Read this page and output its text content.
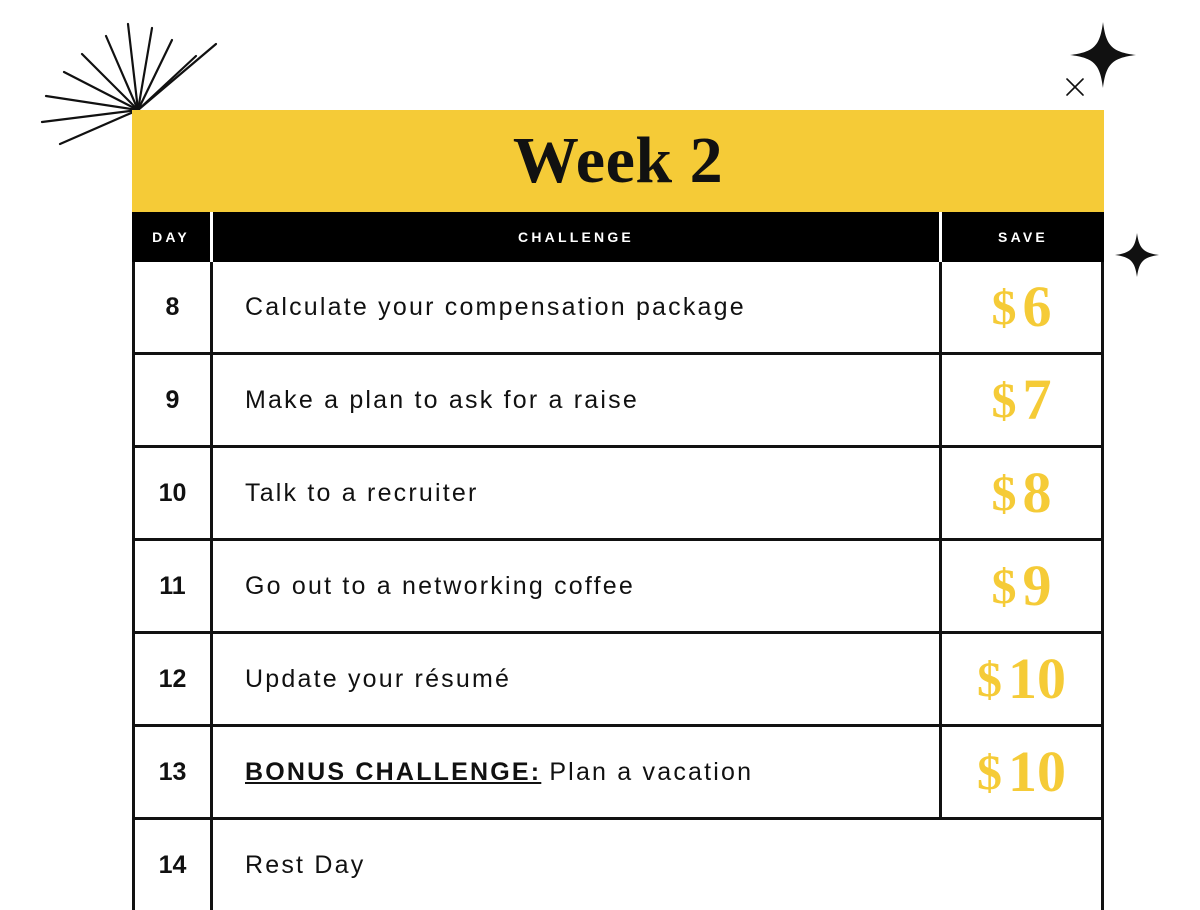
Week 2
DAY	CHALLENGE	SAVE
8	Calculate your compensation package	$ 6
9	Make a plan to ask for a raise	$ 7
10	Talk to a recruiter	$ 8
11	Go out to a networking coffee	$ 9
12	Update your résumé	$ 10
13	BONUS CHALLENGE: Plan a vacation	$ 10
14	Rest Day
